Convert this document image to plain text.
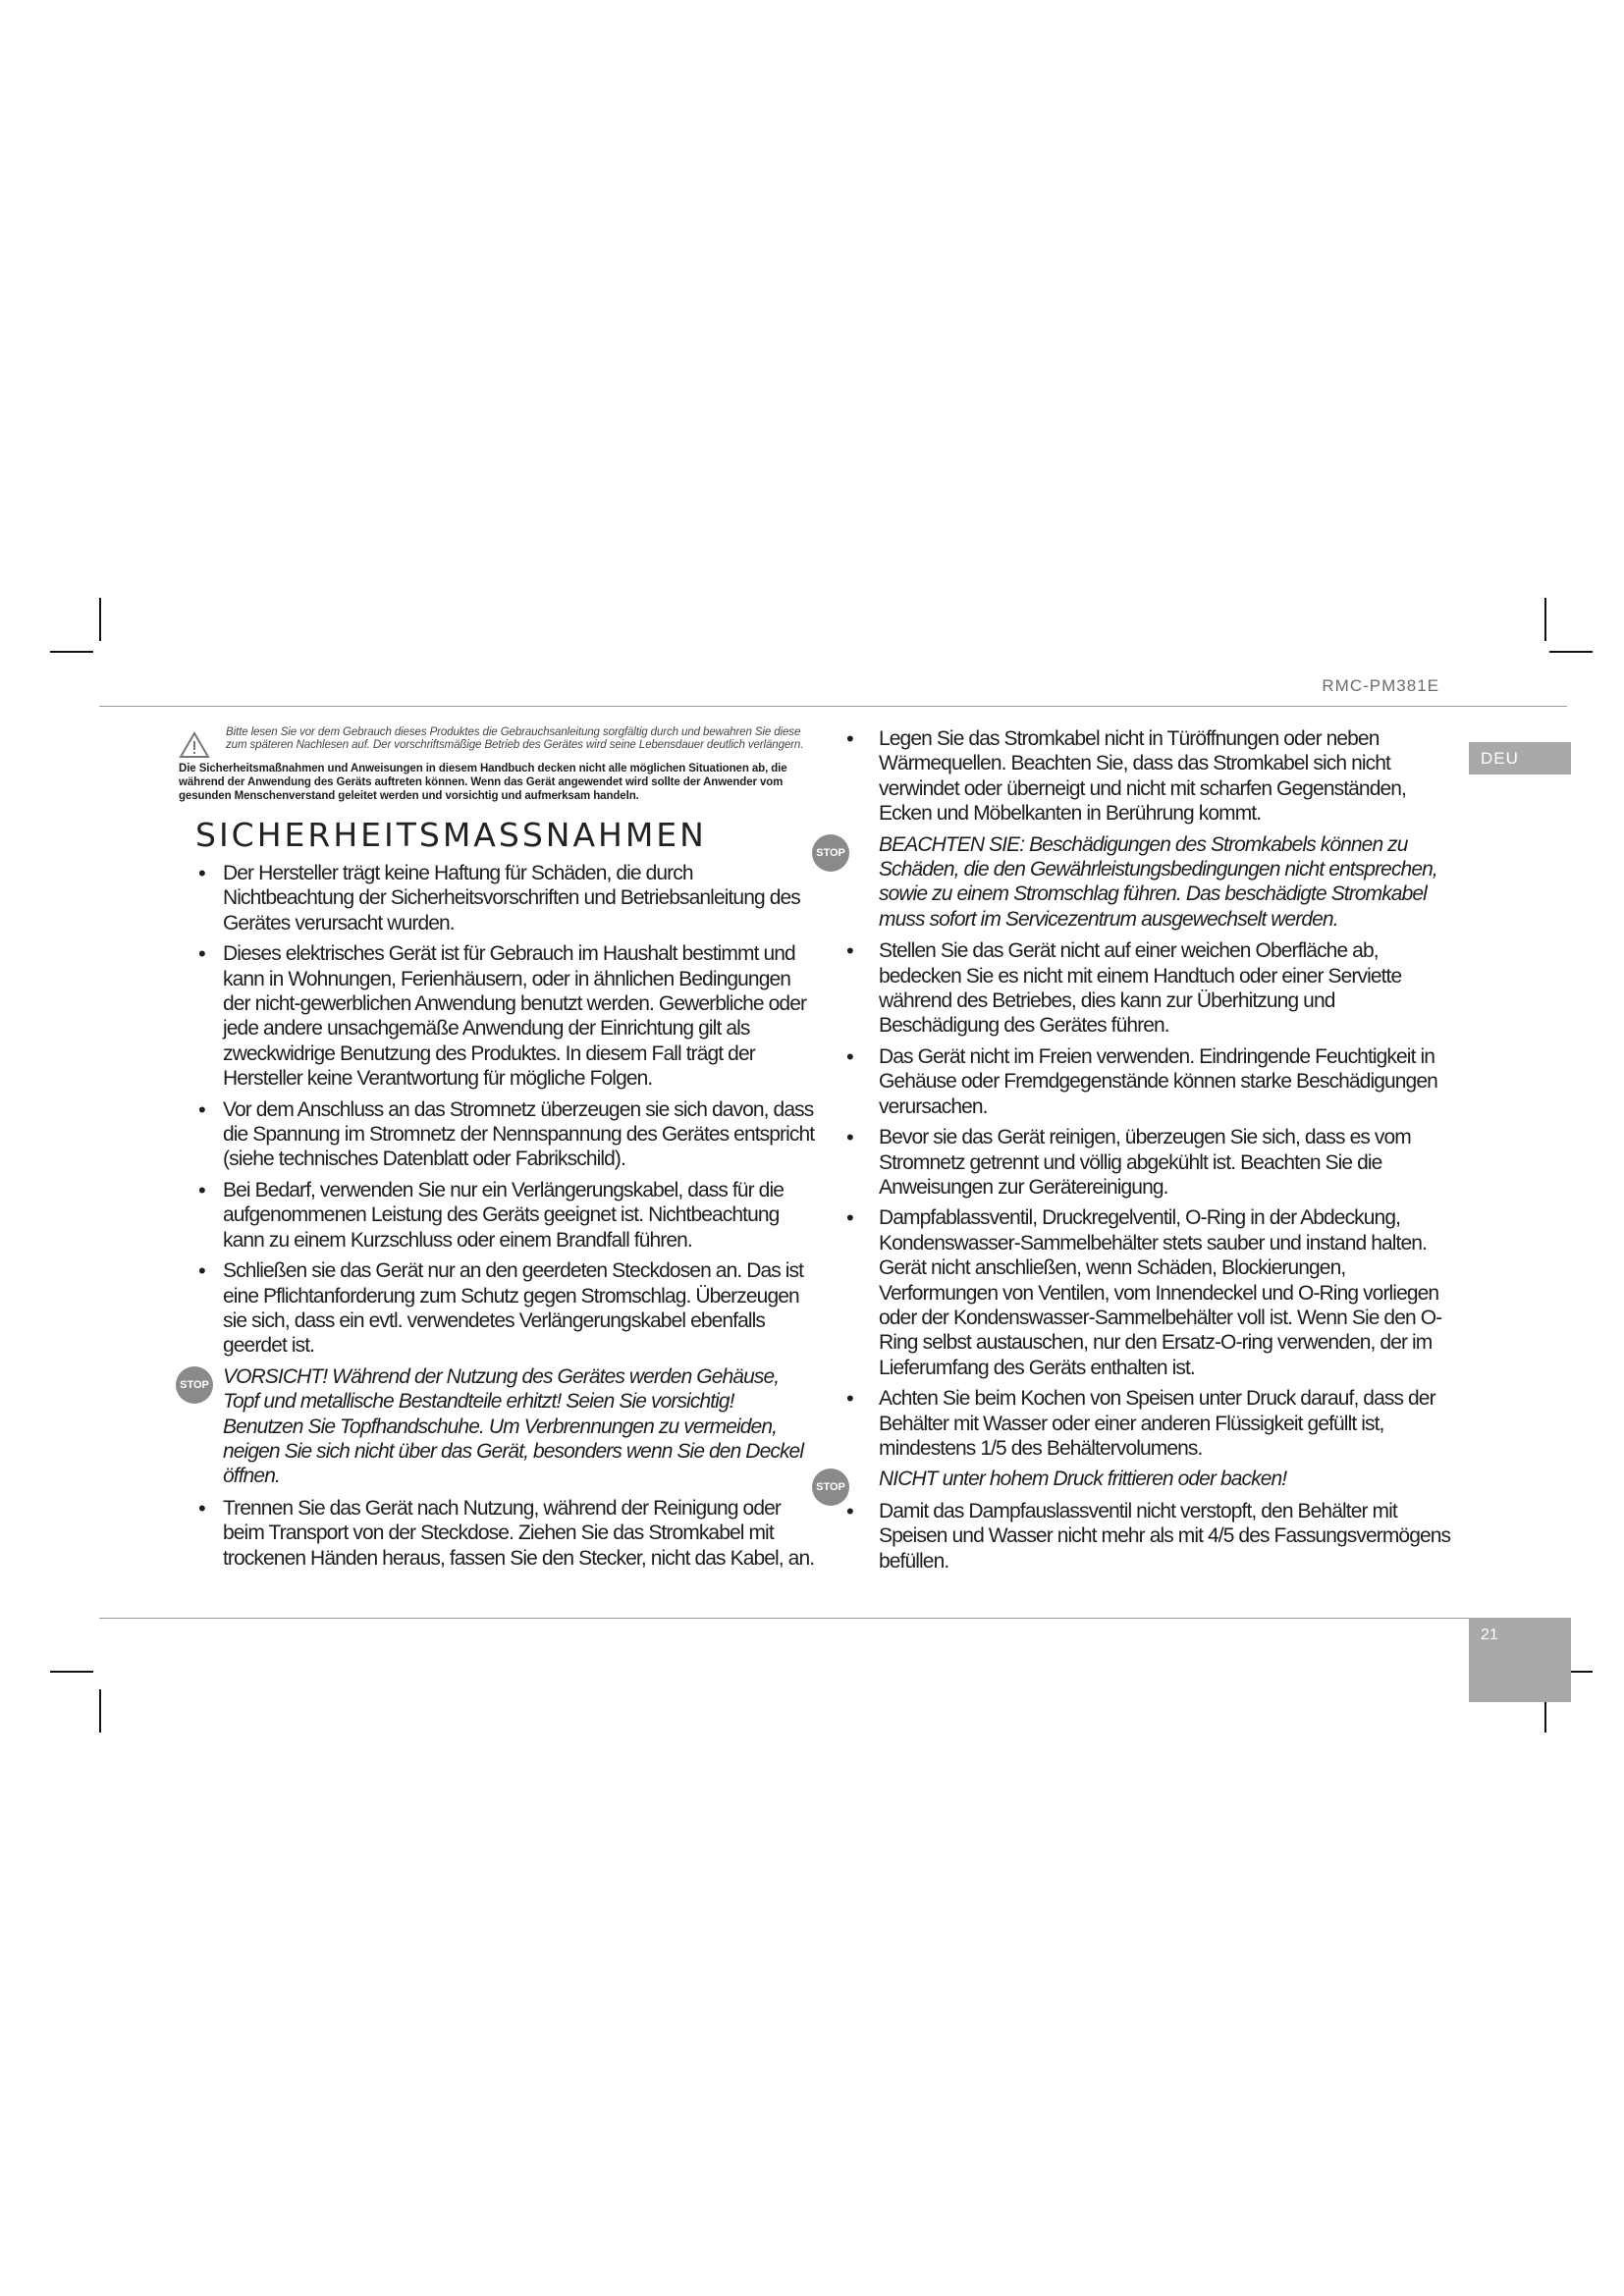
RMC-PM381E
DEU
Bitte lesen Sie vor dem Gebrauch dieses Produktes die Gebrauchsanleitung sorgfältig durch und bewahren Sie diese zum späteren Nachlesen auf. Der vorschriftsmäßige Betrieb des Gerätes wird seine Lebensdauer deutlich verlängern.
Die Sicherheitsmaßnahmen und Anweisungen in diesem Handbuch decken nicht alle möglichen Situationen ab, die während der Anwendung des Geräts auftreten können. Wenn das Gerät angewendet wird sollte der Anwender vom gesunden Menschenverstand geleitet werden und vorsichtig und aufmerksam handeln.
SICHERHEITSMASSNAHMEN
• Der Hersteller trägt keine Haftung für Schäden, die durch Nichtbeachtung der Sicherheitsvorschriften und Betriebsanleitung des Gerätes verursacht wurden.
• Dieses elektrisches Gerät ist für Gebrauch im Haushalt bestimmt und kann in Wohnungen, Ferienhäusern, oder in ähnlichen Bedingungen der nicht-gewerblichen Anwendung benutzt werden. Gewerbliche oder jede andere unsachgemäße Anwendung der Einrichtung gilt als zweckwidrige Benutzung des Produktes. In diesem Fall trägt der Hersteller keine Verantwortung für mögliche Folgen.
• Vor dem Anschluss an das Stromnetz überzeugen sie sich davon, dass die Spannung im Stromnetz der Nennspannung des Gerätes entspricht (siehe technisches Datenblatt oder Fabrikschild).
• Bei Bedarf, verwenden Sie nur ein Verlängerungskabel, dass für die aufgenommenen Leistung des Geräts geeignet ist. Nichtbeachtung kann zu einem Kurzschluss oder einem Brandfall führen.
• Schließen sie das Gerät nur an den geerdeten Steckdosen an. Das ist eine Pflichtanforderung zum Schutz gegen Stromschlag. Überzeugen sie sich, dass ein evtl. verwendetes Verlängerungskabel ebenfalls geerdet ist.
STOP VORSICHT! Während der Nutzung des Gerätes werden Gehäuse, Topf und metallische Bestandteile erhitzt! Seien Sie vorsichtig! Benutzen Sie Topfhandschuhe. Um Verbrennungen zu vermeiden, neigen Sie sich nicht über das Gerät, besonders wenn Sie den Deckel öffnen.
• Trennen Sie das Gerät nach Nutzung, während der Reinigung oder beim Transport von der Steckdose. Ziehen Sie das Stromkabel mit trockenen Händen heraus, fassen Sie den Stecker, nicht das Kabel, an.
• Legen Sie das Stromkabel nicht in Türöffnungen oder neben Wärmequellen. Beachten Sie, dass das Stromkabel sich nicht verwindet oder überneigt und nicht mit scharfen Gegenständen, Ecken und Möbelkanten in Berührung kommt.
STOP BEACHTEN SIE: Beschädigungen des Stromkabels können zu Schäden, die den Gewährleistungsbedingungen nicht entsprechen, sowie zu einem Stromschlag führen. Das beschädigte Stromkabel muss sofort im Servicezentrum ausgewechselt werden.
• Stellen Sie das Gerät nicht auf einer weichen Oberfläche ab, bedecken Sie es nicht mit einem Handtuch oder einer Serviette während des Betriebes, dies kann zur Überhitzung und Beschädigung des Gerätes führen.
• Das Gerät nicht im Freien verwenden. Eindringende Feuchtigkeit in Gehäuse oder Fremdgegenstände können starke Beschädigungen verursachen.
• Bevor sie das Gerät reinigen, überzeugen Sie sich, dass es vom Stromnetz getrennt und völlig abgekühlt ist. Beachten Sie die Anweisungen zur Gerätereinigung.
• Dampfablassventil, Druckregelventil, O-Ring in der Abdeckung, Kondenswasser-Sammelbehälter stets sauber und instand halten. Gerät nicht anschließen, wenn Schäden, Blockierungen, Verformungen von Ventilen, vom Innendeckel und O-Ring vorliegen oder der Kondenswasser-Sammelbehälter voll ist. Wenn Sie den O-Ring selbst austauschen, nur den Ersatz-O-ring verwenden, der im Lieferumfang des Geräts enthalten ist.
• Achten Sie beim Kochen von Speisen unter Druck darauf, dass der Behälter mit Wasser oder einer anderen Flüssigkeit gefüllt ist, mindestens 1/5 des Behältervolumens.
STOP NICHT unter hohem Druck frittieren oder backen!
• Damit das Dampfauslassventil nicht verstopft, den Behälter mit Speisen und Wasser nicht mehr als mit 4/5 des Fassungsvermögens befüllen.
21
